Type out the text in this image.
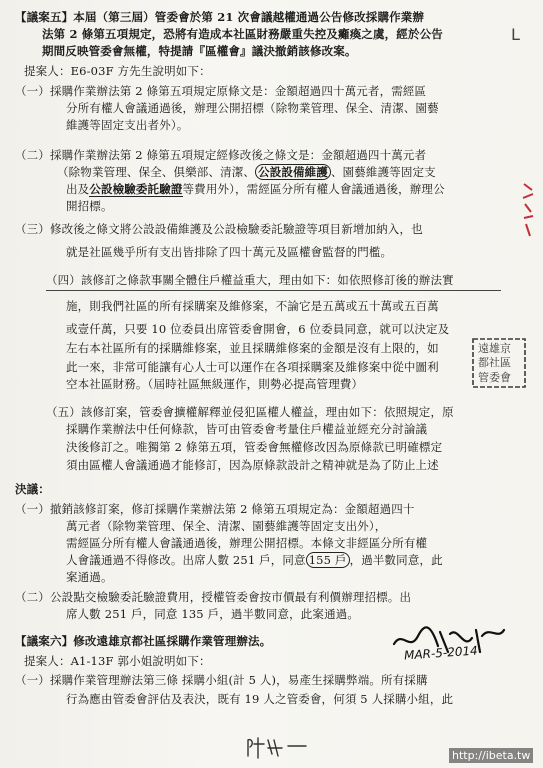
L
【議案五】本屆（第三屆）管委會於第 21 次會議越權通過公告修改採購作業辦
法第 2 條第五項規定，恐將有造成本社區財務嚴重失控及癱瘓之虞，經於公告
期間反映管委會無權，特提請『區權會』議決撤銷該修改案。
提案人：E6-03F 方先生說明如下：
（一）採購作業辦法第 2 條第五項規定原條文是：金額超過四十萬元者，需經區
分所有權人會議通過後，辦理公開招標（除物業管理、保全、清潔、園藝
維護等固定支出者外）。
（二）採購作業辦法第 2 條第五項規定經修改後之條文是：金額超過四十萬元者
（除物業管理、保全、俱樂部、清潔、 公設設備維護 、園藝維護等固定支
出及公設檢驗委託驗證等費用外），需經區分所有權人會議通過後，辦理公
開招標。
（三）修改後之條文將公設設備維護及公設檢驗委託驗證等項目新增加納入，也
就是社區幾乎所有支出皆排除了四十萬元及區權會監督的門檻。
（四）該修訂之條款事關全體住戶權益重大，理由如下：如依照修訂後的辦法實
施，則我們社區的所有採購案及維修案，不論它是五萬或五十萬或五百萬
或壹仟萬，只要 10 位委員出席管委會開會，6 位委員同意，就可以決定及
左右本社區所有的採購維修案，並且採購維修案的金額是沒有上限的，如
此一來，非常可能讓有心人士可以運作在各項採購案及維修案中從中圖利
空本社區財務。（屆時社區無級運作，則勢必提高管理費）
遠雄京
都社區
管委會
（五）該修訂案，管委會擴權解釋並侵犯區權人權益，理由如下：依照規定，原
採購作業辦法中任何條款，皆可由管委會考量住戶權益並經充分討論議
決後修訂之。唯獨第 2 條第五項，管委會無權修改因為原條款已明確標定
須由區權人會議通過才能修訂，因為原條款設計之精神就是為了防止上述
決議：
（一）撤銷該修訂案，修訂採購作業辦法第 2 條第五項規定為：金額超過四十
萬元者（除物業管理、保全、清潔、園藝維護等固定支出外），
需經區分所有權人會議通過後，辦理公開招標。本條文非經區分所有權
人會議通過不得修改。出席人數 251 戶，同意 155 戶 ，過半數同意，此
案通過。
（二）公設點交檢驗委託驗證費用，授權管委會按市價最有利價辦理招標。出
席人數 251 戶，同意 135 戶，過半數同意，此案通過。
MAR-5-2014
【議案六】修改遠雄京都社區採購作業管理辦法。
提案人：A1-13F 郭小姐說明如下：
（一）採購作業管理辦法第三條 採購小組(計 5 人)，易產生採購弊端。所有採購
行為應由管委會評估及表決，既有 19 人之管委會，何須 5 人採購小組，此
http://ibeta.tw
